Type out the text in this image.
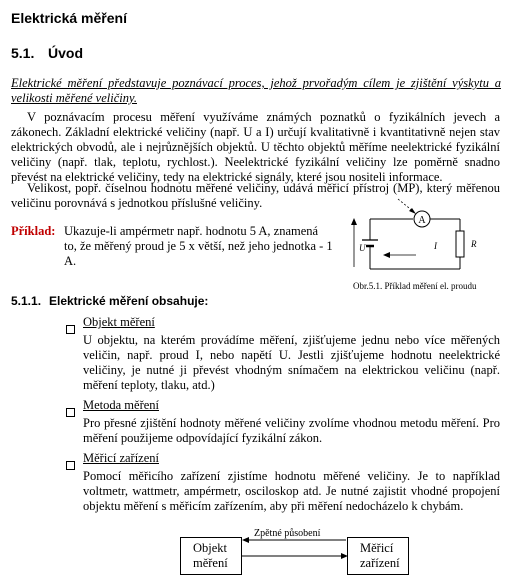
Elektrická měření
5.1. Úvod
Elektrické měření představuje poznávací proces, jehož prvořadým cílem je zjištění výskytu a velikosti měřené veličiny.
V poznávacím procesu měření využíváme známých poznatků o fyzikálních jevech a zákonech. Základní elektrické veličiny (např. U a I) určují kvalitativně i kvantitativně nejen stav elektrických obvodů, ale i nejrůznějších objektů. U těchto objektů měříme neelektrické fyzikální veličiny (např. tlak, teplotu, rychlost.). Neelektrické fyzikální veličiny lze poměrně snadno převést na elektrické veličiny, tedy na elektrické signály, které jsou nositeli informace.
Velikost, popř. číselnou hodnotu měřené veličiny, udává měřicí přístroj (MP), který měřenou veličinu porovnává s jednotkou příslušné veličiny.
Příklad: Ukazuje-li ampérmetr např. hodnotu 5 A, znamená to, že měřený proud je 5 x větší, než jeho jednotka - 1 A.
A
R
U	I
Obr.5.1. Příklad měření el. proudu
5.1.1. Elektrické měření obsahuje:
Objekt měření
U objektu, na kterém provádíme měření, zjišťujeme jednu nebo více měřených veličin, např. proud I, nebo napětí U. Jestli zjišťujeme hodnotu neelektrické veličiny, je nutné ji převést vhodným snímačem na elektrickou veličinu (např. měření teploty, tlaku, atd.)
Metoda měření
Pro přesné zjištění hodnoty měřené veličiny zvolíme vhodnou metodu měření. Pro měření použijeme odpovídající fyzikální zákon.
Měřicí zařízení
Pomocí měřicího zařízení zjistíme hodnotu měřené veličiny. Je to například voltmetr, wattmetr, ampérmetr, osciloskop atd. Je nutné zajistit vhodné propojení objektu měření s měřicím zařízením, aby při měření nedocházelo k chybám.
Zpětné působení
Objekt
měření
Měřicí
zařízení
